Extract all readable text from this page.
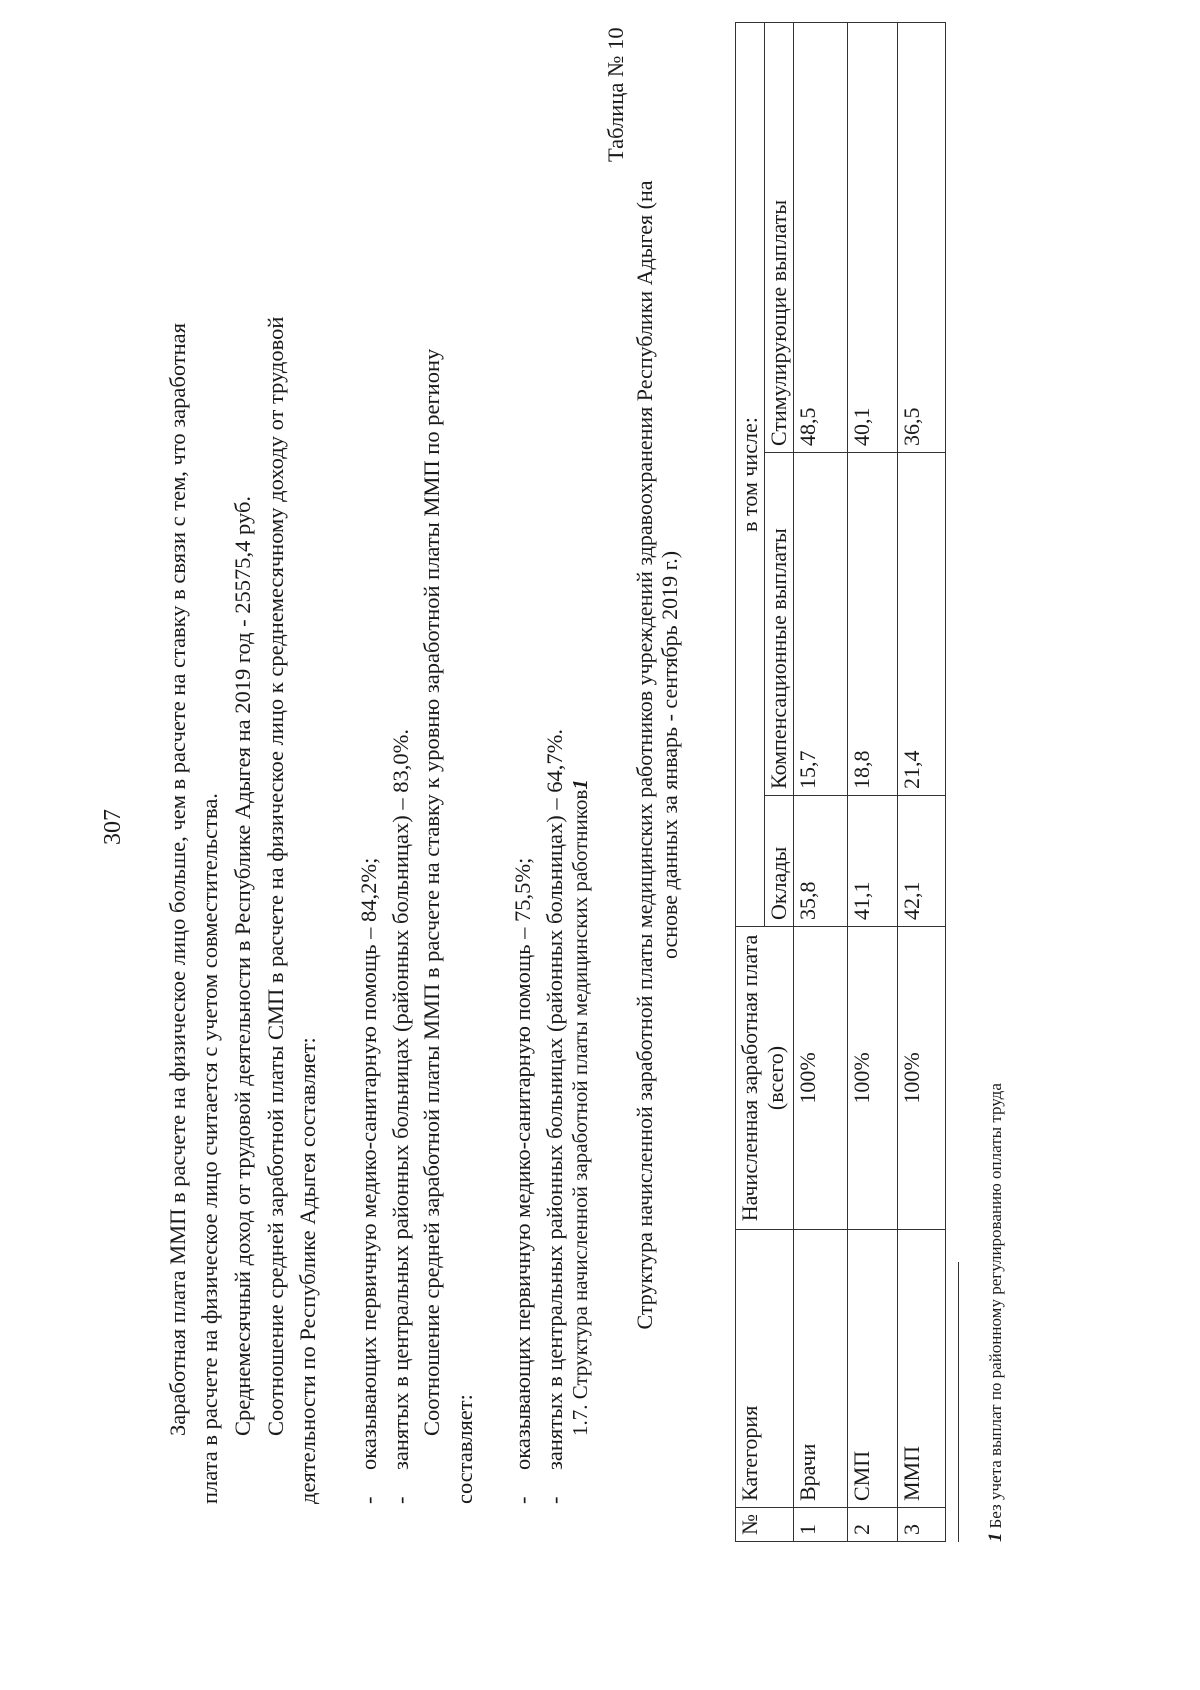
307 Заработная плата ММП в расчете на физическое лицо больше, чем в расчете на ставку в связи с тем, что заработная плата в расчете на физическое лицо считается с учетом совместительства. Среднемесячный доход от трудовой деятельности в Республике Адыгея на 2019 год - 25575,4 руб. Соотношение средней заработной платы СМП в расчете на физическое лицо к среднемесячному доходу от трудовой деятельности по Республике Адыгея составляет: -оказывающих первичную медико-санитарную помощь – 84,2%;
-занятых в центральных районных больницах (районных больницах) – 83,0%. Соотношение средней заработной платы ММП в расчете на ставку к уровню заработной платы ММП по региону
составляет: -оказывающих первичную медико-санитарную помощь – 75,5%;
-занятых в центральных районных больницах (районных больницах) – 64,7%. 1.7. Структура начисленной заработной платы медицинских работников1
Таблица № 10
Структура начисленной заработной платы медицинских работников учреждений здравоохранения Республики Адыгея (на основе данных за январь - сентябрь 2019 г.)
№	Категория	Начисленная заработная плата
(всего)	в том числе:		
			Оклады	Компенсационные выплаты	Стимулирующие выплаты
1	Врачи	100%	35,8	15,7	48,5
2	СМП	100%	41,1	18,8	40,1
3	ММП	100%	42,1	21,4	36,5
1Без учета выплат по районному регулированию оплаты труда
